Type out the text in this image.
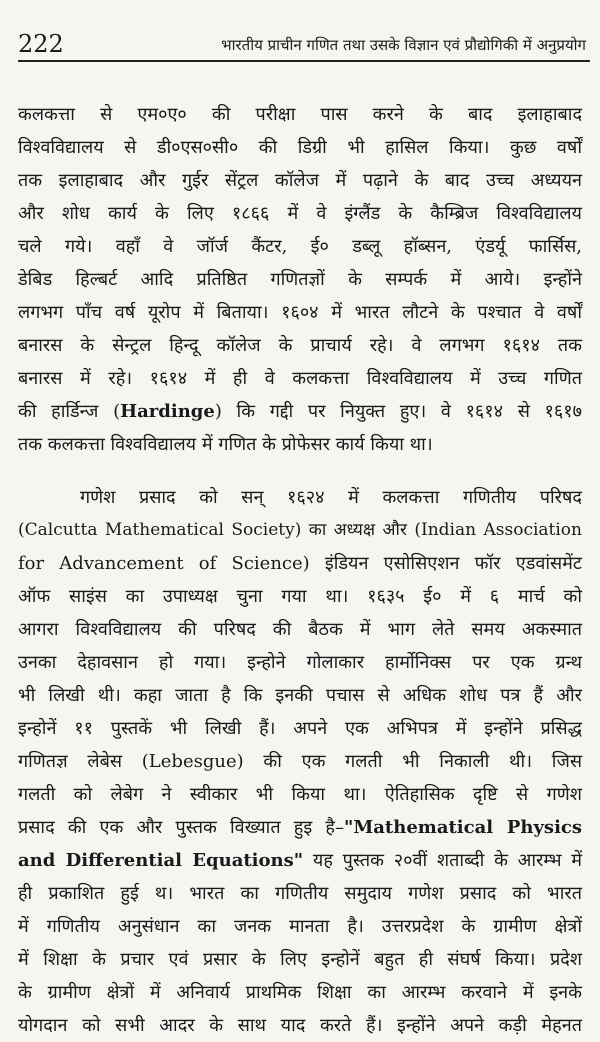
222	भारतीय प्राचीन गणित तथा उसके विज्ञान एवं प्रौद्योगिकी में अनुप्रयोग
कलकत्ता से एम०ए० की परीक्षा पास करने के बाद इलाहाबाद
विश्वविद्यालय से डी०एस०सी० की डिग्री भी हासिल किया। कुछ वर्षों
तक इलाहाबाद और गुईर सेंट्रल कॉलेज में पढ़ाने के बाद उच्च अध्ययन
और शोध कार्य के लिए १८६६ में वे इंग्लैंड के कैम्ब्रिज विश्वविद्यालय
चले गये। वहाँ वे जॉर्ज कैंटर, ई० डब्लू हॉब्सन, एंडर्यू फार्सिस,
डेबिड हिल्बर्ट आदि प्रतिष्ठित गणितज्ञों के सम्पर्क में आये। इन्होंने
लगभग पाँच वर्ष यूरोप में बिताया। १६०४ में भारत लौटने के पश्चात वे वर्षों
बनारस के सेन्ट्रल हिन्दू कॉलेज के प्राचार्य रहे। वे लगभग १६१४ तक
बनारस में रहे। १६१४ में ही वे कलकत्ता विश्वविद्यालय में उच्च गणित
की हार्डिन्ज (Hardinge) कि गद्दी पर नियुक्त हुए। वे १६१४ से १६१७
तक कलकत्ता विश्वविद्यालय में गणित के प्रोफेसर कार्य किया था।
गणेश प्रसाद को सन् १६२४ में कलकत्ता गणितीय परिषद
(Calcutta Mathematical Society) का अध्यक्ष और (Indian Association
for Advancement of Science) इंडियन एसोसिएशन फॉर एडवांसमेंट
ऑफ साइंस का उपाध्यक्ष चुना गया था। १६३५ ई० में ६ मार्च को
आगरा विश्वविद्यालय की परिषद की बैठक में भाग लेते समय अकस्मात
उनका देहावसान हो गया। इन्होने गोलाकार हार्मोनिक्स पर एक ग्रन्थ
भी लिखी थी। कहा जाता है कि इनकी पचास से अधिक शोध पत्र हैं और
इन्होनें ११ पुस्तकें भी लिखी हैं। अपने एक अभिपत्र में इन्होंने प्रसिद्ध
गणितज्ञ लेबेस (Lebesgue) की एक गलती भी निकाली थी। जिस
गलती को लेबेग ने स्वीकार भी किया था। ऐतिहासिक दृष्टि से गणेश
प्रसाद की एक और पुस्तक विख्यात हुइ है–"Mathematical Physics
and Differential Equations" यह पुस्तक २०वीं शताब्दी के आरम्भ में
ही प्रकाशित हुई थ। भारत का गणितीय समुदाय गणेश प्रसाद को भारत
में गणितीय अनुसंधान का जनक मानता है। उत्तरप्रदेश के ग्रामीण क्षेत्रों
में शिक्षा के प्रचार एवं प्रसार के लिए इन्होनें बहुत ही संघर्ष किया। प्रदेश
के ग्रामीण क्षेत्रों में अनिवार्य प्राथमिक शिक्षा का आरम्भ करवाने में इनके
योगदान को सभी आदर के साथ याद करते हैं। इन्होंने अपने कड़ी मेहनत
